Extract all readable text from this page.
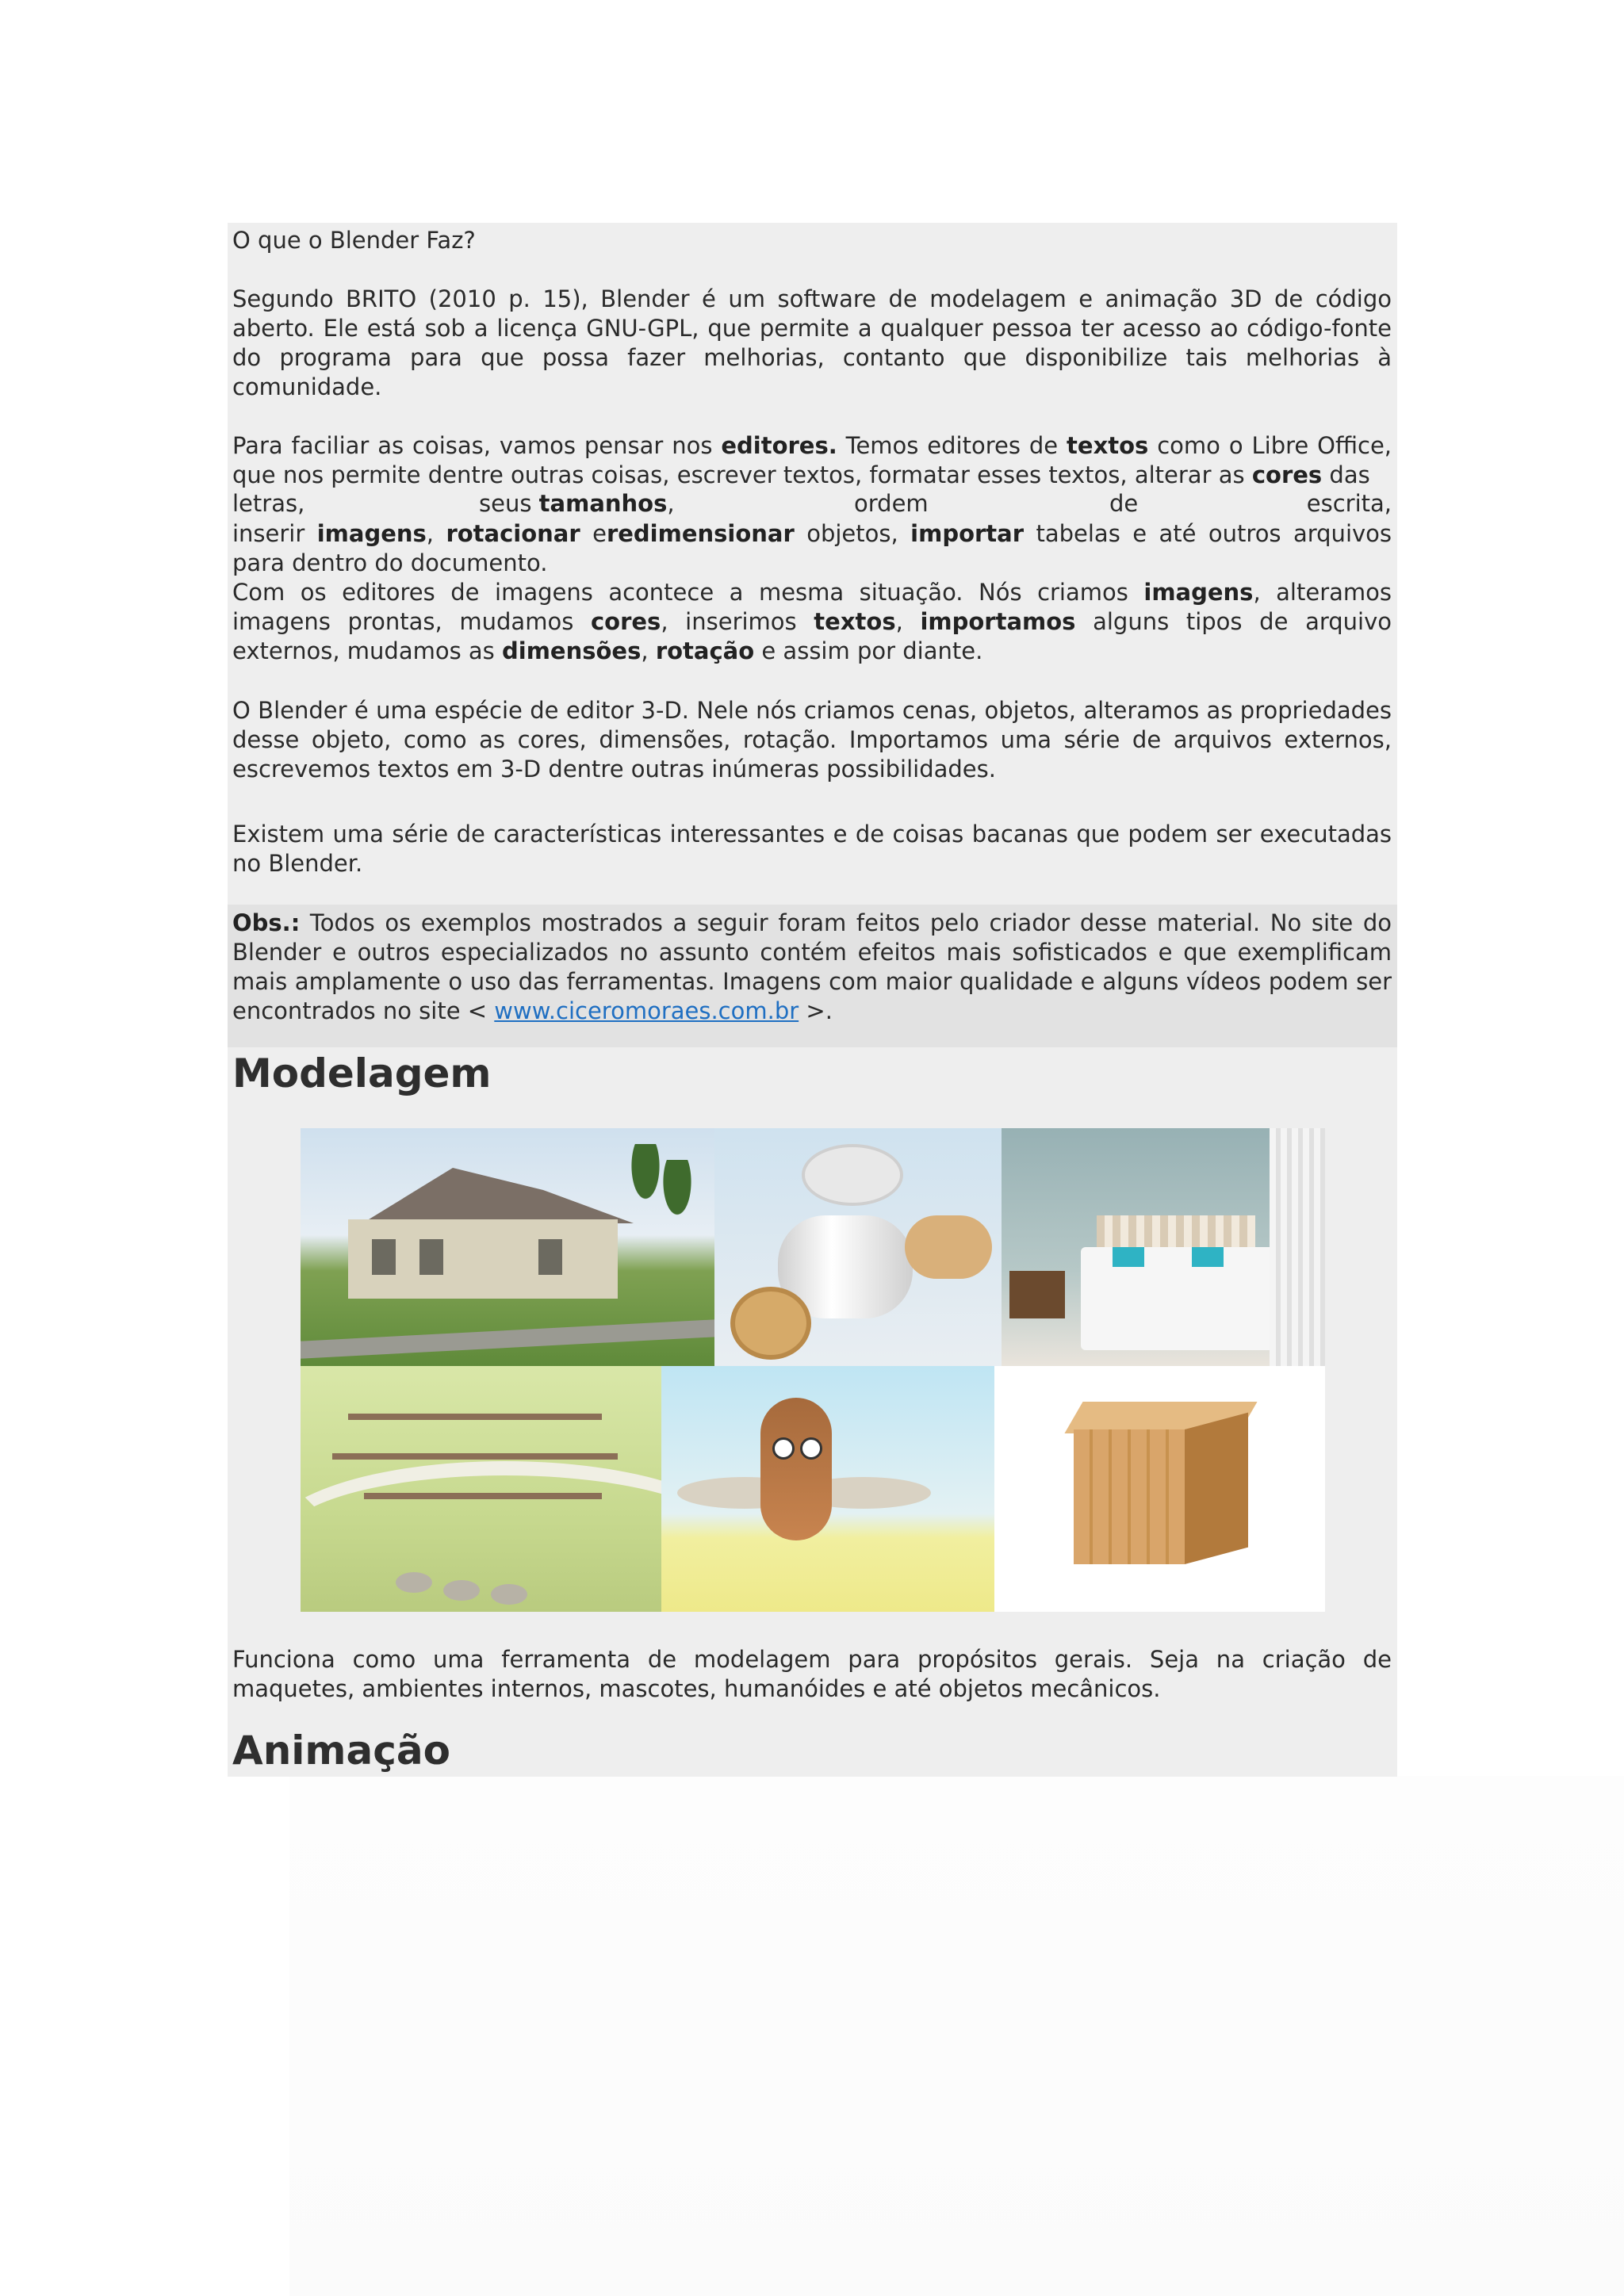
O que o Blender Faz?
Segundo BRITO (2010 p. 15), Blender é um software de modelagem e animação 3D de código aberto. Ele está sob a licença GNU-GPL, que permite a qualquer pessoa ter acesso ao código-fonte do programa para que possa fazer melhorias, contanto que disponibilize tais melhorias à comunidade.
Para faciliar as coisas, vamos pensar nos editores. Temos editores de textos como o Libre Office, que nos permite dentre outras coisas, escrever textos, formatar esses textos, alterar as cores das
letras,	seus tamanhos,	ordem	de	escrita,
inserir imagens, rotacionar eredimensionar objetos, importar tabelas e até outros arquivos para dentro do documento.
Com os editores de imagens acontece a mesma situação. Nós criamos imagens, alteramos imagens prontas, mudamos cores, inserimos textos, importamos alguns tipos de arquivo externos, mudamos as dimensões, rotação e assim por diante.
O Blender é uma espécie de editor 3-D. Nele nós criamos cenas, objetos, alteramos as propriedades desse objeto, como as cores, dimensões, rotação. Importamos uma série de arquivos externos, escrevemos textos em 3-D dentre outras inúmeras possibilidades.
Existem uma série de características interessantes e de coisas bacanas que podem ser executadas no Blender.
Obs.: Todos os exemplos mostrados a seguir foram feitos pelo criador desse material. No site do Blender e outros especializados no assunto contém efeitos mais sofisticados e que exemplificam mais amplamente o uso das ferramentas. Imagens com maior qualidade e alguns vídeos podem ser encontrados no site < www.ciceromoraes.com.br >.
Modelagem
Funciona como uma ferramenta de modelagem para propósitos gerais. Seja na criação de maquetes, ambientes internos, mascotes, humanóides e até objetos mecânicos.
Animação
